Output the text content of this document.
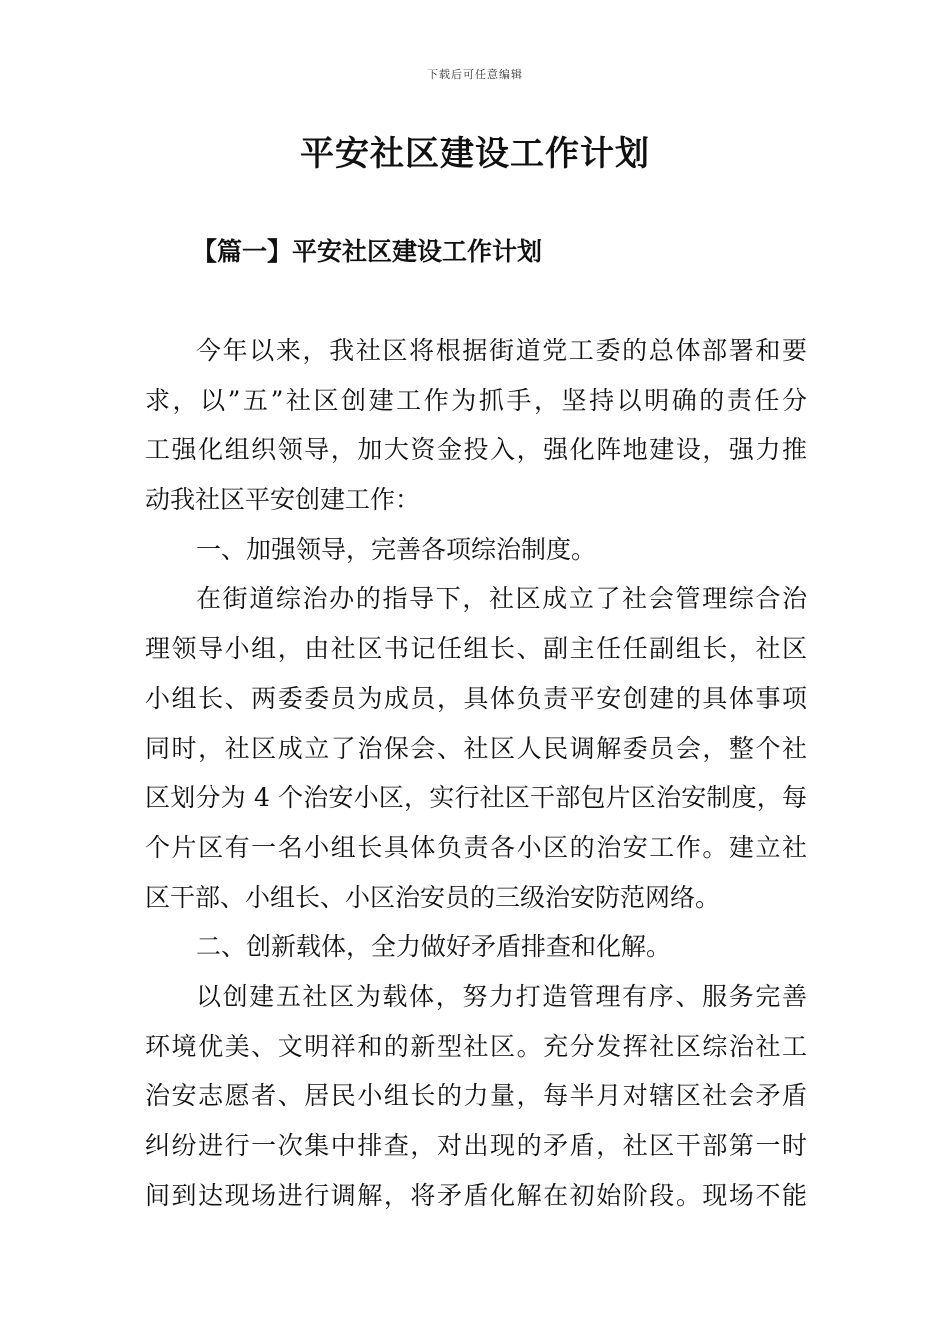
下载后可任意编辑
平安社区建设工作计划
【篇一】平安社区建设工作计划
今年以来，我社区将根据街道党工委的总体部署和要
求，以”五”社区创建工作为抓手，坚持以明确的责任分
工强化组织领导，加大资金投入，强化阵地建设，强力推
动我社区平安创建工作：
一、加强领导，完善各项综治制度。
在街道综治办的指导下，社区成立了社会管理综合治
理领导小组，由社区书记任组长、副主任任副组长，社区
小组长、两委委员为成员，具体负责平安创建的具体事项
同时，社区成立了治保会、社区人民调解委员会，整个社
区划分为 4 个治安小区，实行社区干部包片区治安制度，每
个片区有一名小组长具体负责各小区的治安工作。建立社
区干部、小组长、小区治安员的三级治安防范网络。
二、创新载体，全力做好矛盾排查和化解。
以创建五社区为载体，努力打造管理有序、服务完善
环境优美、文明祥和的新型社区。充分发挥社区综治社工
治安志愿者、居民小组长的力量，每半月对辖区社会矛盾
纠纷进行一次集中排查，对出现的矛盾，社区干部第一时
间到达现场进行调解，将矛盾化解在初始阶段。现场不能
